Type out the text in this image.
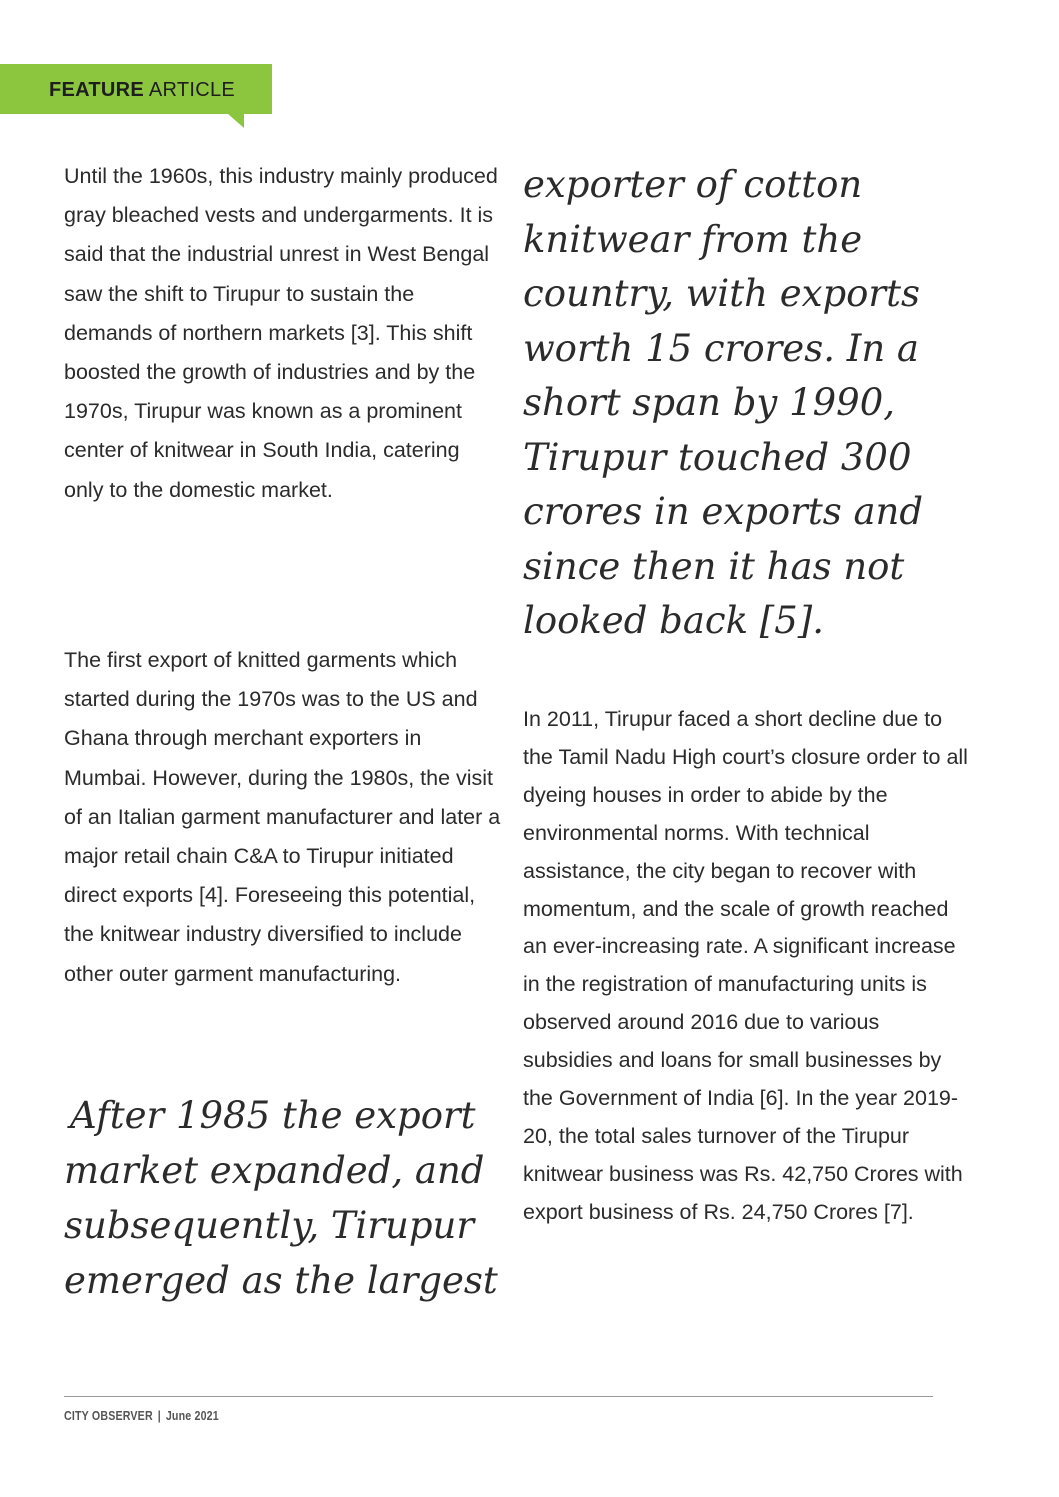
FEATURE ARTICLE

Until the 1960s, this industry mainly produced gray bleached vests and undergarments. It is said that the industrial unrest in West Bengal saw the shift to Tirupur to sustain the demands of northern markets [3]. This shift boosted the growth of industries and by the 1970s, Tirupur was known as a prominent center of knitwear in South India, catering only to the domestic market.

The first export of knitted garments which started during the 1970s was to the US and Ghana through merchant exporters in Mumbai. However, during the 1980s, the visit of an Italian garment manufacturer and later a major retail chain C&A to Tirupur initiated direct exports [4]. Foreseeing this potential, the knitwear industry diversified to include other outer garment manufacturing.

After 1985 the export
market expanded, and
subsequently, Tirupur
emerged as the largest
exporter of cotton
knitwear from the
country, with exports
worth 15 crores. In a
short span by 1990,
Tirupur touched 300
crores in exports and
since then it has not
looked back [5].

In 2011, Tirupur faced a short decline due to the Tamil Nadu High court’s closure order to all dyeing houses in order to abide by the environmental norms. With technical assistance, the city began to recover with momentum, and the scale of growth reached an ever-increasing rate. A significant increase in the registration of manufacturing units is observed around 2016 due to various subsidies and loans for small businesses by the Government of India [6]. In the year 2019-20, the total sales turnover of the Tirupur knitwear business was Rs. 42,750 Crores with export business of Rs. 24,750 Crores [7].

CITY OBSERVER | June 2021
